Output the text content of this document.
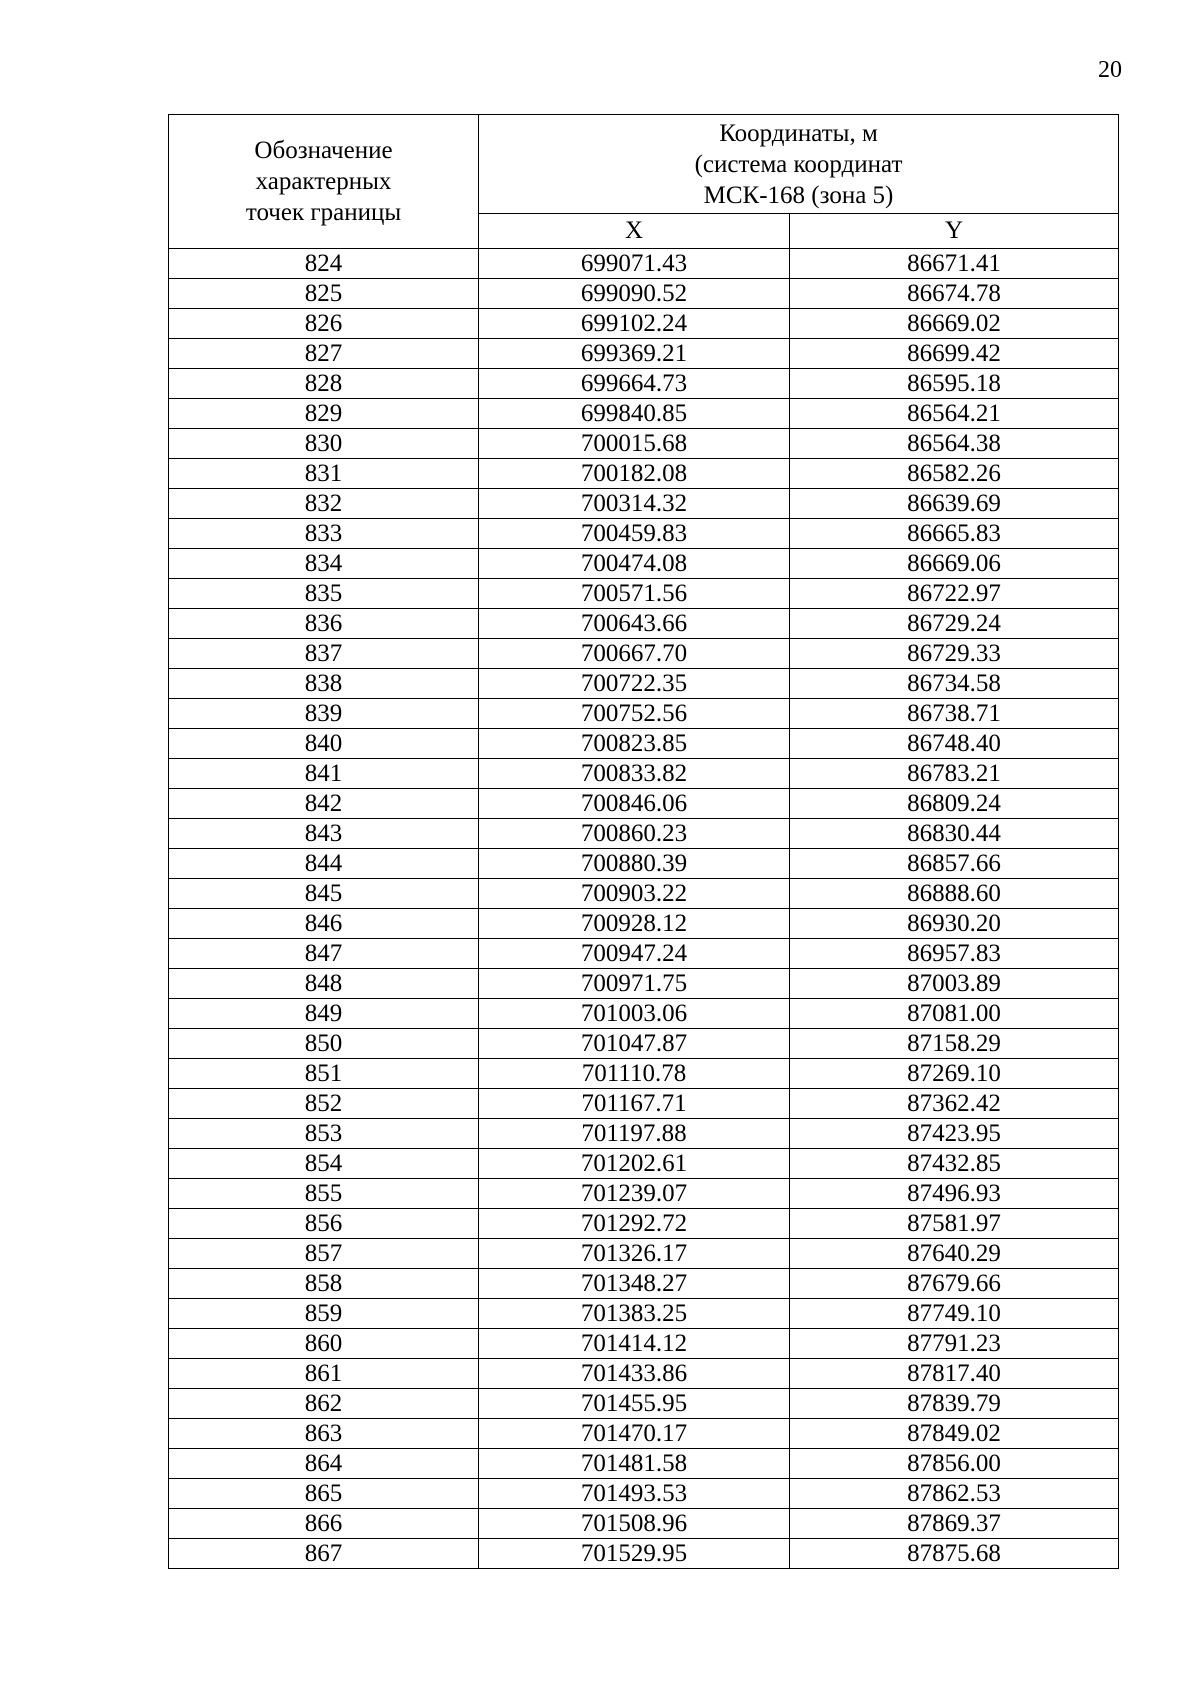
20
Обозначение
характерных
точек границы	Координаты, м
(система координат
МСК-168 (зона 5)	

	X	Y
824	699071.43	86671.41
825	699090.52	86674.78
826	699102.24	86669.02
827	699369.21	86699.42
828	699664.73	86595.18
829	699840.85	86564.21
830	700015.68	86564.38
831	700182.08	86582.26
832	700314.32	86639.69
833	700459.83	86665.83
834	700474.08	86669.06
835	700571.56	86722.97
836	700643.66	86729.24
837	700667.70	86729.33
838	700722.35	86734.58
839	700752.56	86738.71
840	700823.85	86748.40
841	700833.82	86783.21
842	700846.06	86809.24
843	700860.23	86830.44
844	700880.39	86857.66
845	700903.22	86888.60
846	700928.12	86930.20
847	700947.24	86957.83
848	700971.75	87003.89
849	701003.06	87081.00
850	701047.87	87158.29
851	701110.78	87269.10
852	701167.71	87362.42
853	701197.88	87423.95
854	701202.61	87432.85
855	701239.07	87496.93
856	701292.72	87581.97
857	701326.17	87640.29
858	701348.27	87679.66
859	701383.25	87749.10
860	701414.12	87791.23
861	701433.86	87817.40
862	701455.95	87839.79
863	701470.17	87849.02
864	701481.58	87856.00
865	701493.53	87862.53
866	701508.96	87869.37
867	701529.95	87875.68
